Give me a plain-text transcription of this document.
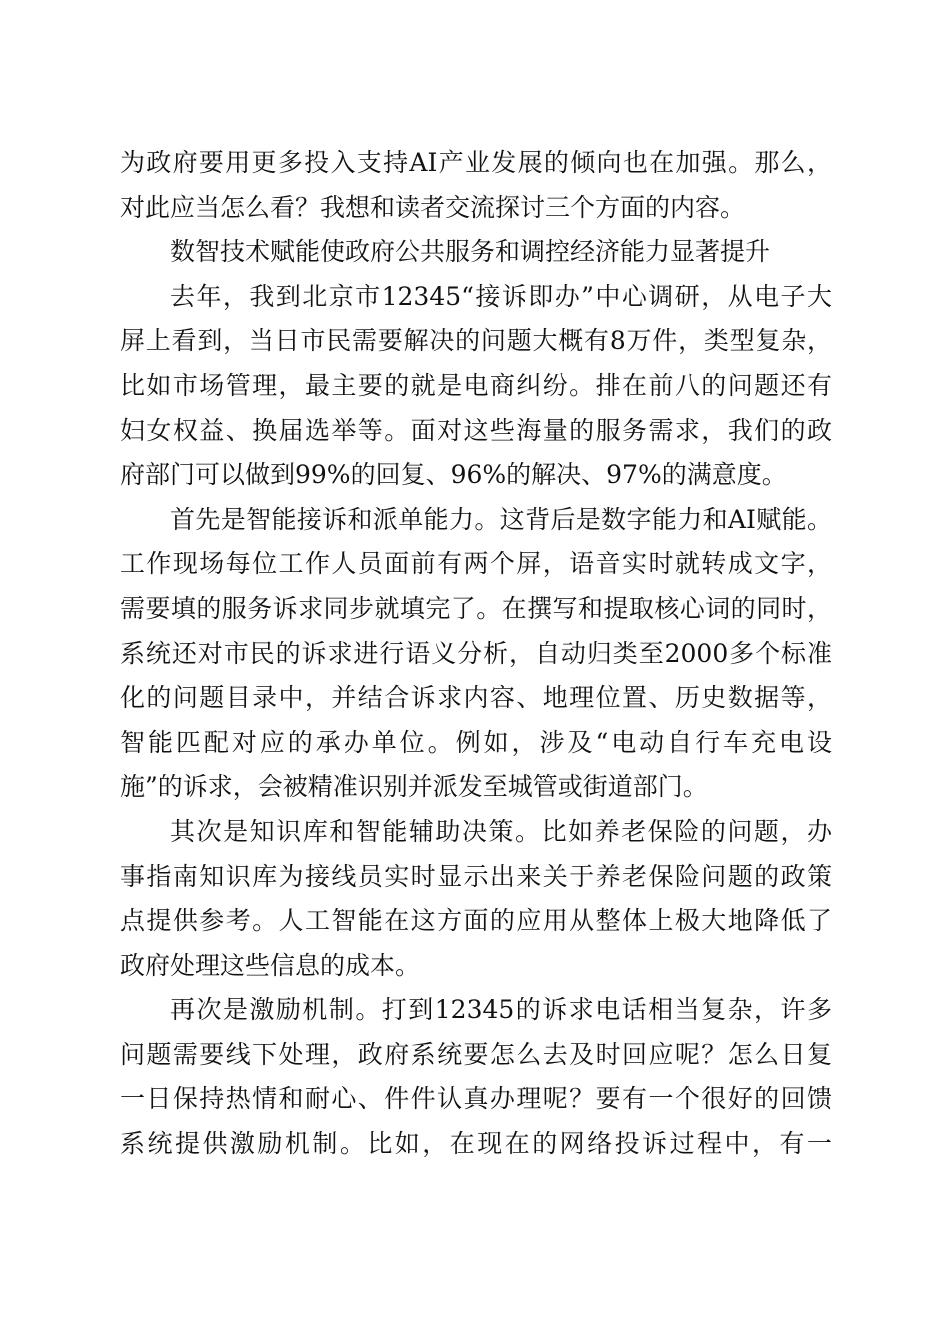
为政府要用更多投入支持AI产业发展的倾向也在加强。那么，
对此应当怎么看？我想和读者交流探讨三个方面的内容。
数智技术赋能使政府公共服务和调控经济能力显著提升
去年，我到北京市12345“接诉即办”中心调研，从电子大
屏上看到，当日市民需要解决的问题大概有8万件，类型复杂，
比如市场管理，最主要的就是电商纠纷。排在前八的问题还有
妇女权益、换届选举等。面对这些海量的服务需求，我们的政
府部门可以做到99%的回复、96%的解决、97%的满意度。
首先是智能接诉和派单能力。这背后是数字能力和AI赋能。
工作现场每位工作人员面前有两个屏，语音实时就转成文字，
需要填的服务诉求同步就填完了。在撰写和提取核心词的同时，
系统还对市民的诉求进行语义分析，自动归类至2000多个标准
化的问题目录中，并结合诉求内容、地理位置、历史数据等，
智能匹配对应的承办单位。例如，涉及“电动自行车充电设
施”的诉求，会被精准识别并派发至城管或街道部门。
其次是知识库和智能辅助决策。比如养老保险的问题，办
事指南知识库为接线员实时显示出来关于养老保险问题的政策
点提供参考。人工智能在这方面的应用从整体上极大地降低了
政府处理这些信息的成本。
再次是激励机制。打到12345的诉求电话相当复杂，许多
问题需要线下处理，政府系统要怎么去及时回应呢？怎么日复
一日保持热情和耐心、件件认真办理呢？要有一个很好的回馈
系统提供激励机制。比如，在现在的网络投诉过程中，有一
